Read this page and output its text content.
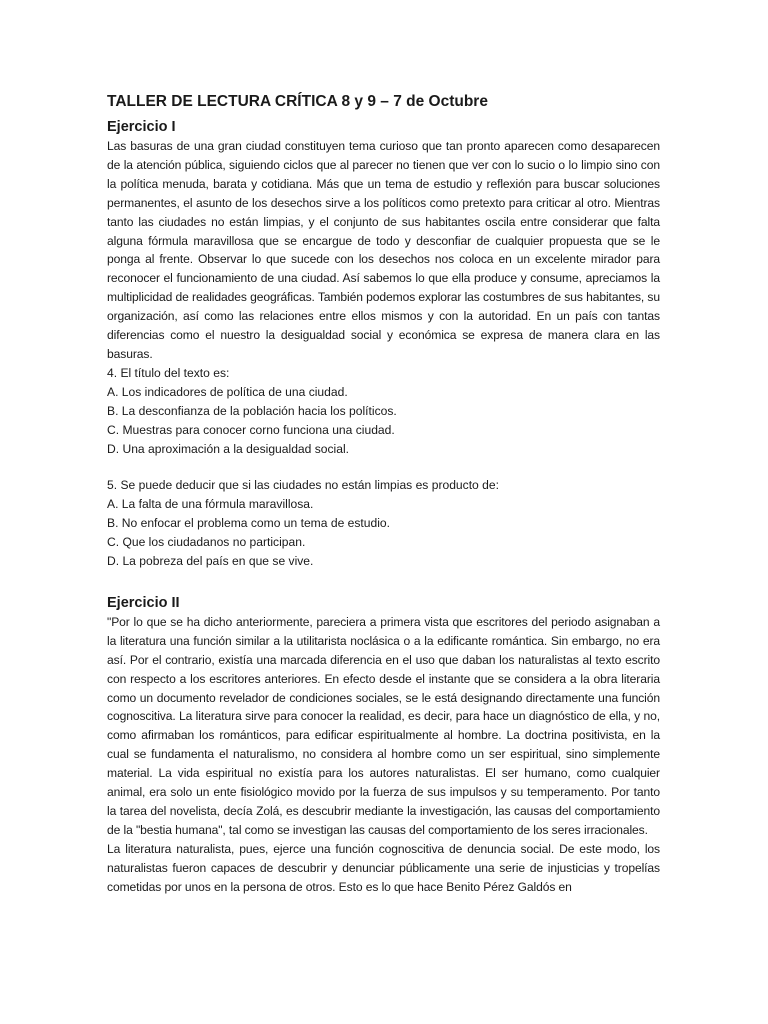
TALLER DE LECTURA CRÍTICA 8 y 9 – 7 de Octubre
Ejercicio I

Las basuras de una gran ciudad constituyen tema curioso que tan pronto aparecen como desaparecen de la atención pública, siguiendo ciclos que al parecer no tienen que ver con lo sucio o lo limpio sino con la política menuda, barata y cotidiana. Más que un tema de estudio y reflexión para buscar soluciones permanentes, el asunto de los desechos sirve a los políticos como pretexto para criticar al otro. Mientras tanto las ciudades no están limpias, y el conjunto de sus habitantes oscila entre considerar que falta alguna fórmula maravillosa que se encargue de todo y desconfiar de cualquier propuesta que se le ponga al frente. Observar lo que sucede con los desechos nos coloca en un excelente mirador para reconocer el funcionamiento de una ciudad. Así sabemos lo que ella produce y consume, apreciamos la multiplicidad de realidades geográficas. También podemos explorar las costumbres de sus habitantes, su organización, así como las relaciones entre ellos mismos y con la autoridad. En un país con tantas diferencias como el nuestro la desigualdad social y económica se expresa de manera clara en las basuras.

4. El título del texto es:

A. Los indicadores de política de una ciudad.

B. La desconfianza de la población hacia los políticos.

C. Muestras para conocer corno funciona una ciudad.

D. Una aproximación a la desigualdad social.

5. Se puede deducir que si las ciudades no están limpias es producto de:

A. La falta de una fórmula maravillosa.

B. No enfocar el problema como un tema de estudio.

C. Que los ciudadanos no participan.

D. La pobreza del país en que se vive.

Ejercicio II

"Por lo que se ha dicho anteriormente, pareciera a primera vista que escritores del periodo asignaban a la literatura una función similar a la utilitarista noclásica o a la edificante romántica. Sin embargo, no era así. Por el contrario, existía una marcada diferencia en el uso que daban los naturalistas al texto escrito con respecto a los escritores anteriores. En efecto desde el instante que se considera a la obra literaria como un documento revelador de condiciones sociales, se le está designando directamente una función cognoscitiva. La literatura sirve para conocer la realidad, es decir, para hace un diagnóstico de ella, y no, como afirmaban los románticos, para edificar espiritualmente al hombre. La doctrina positivista, en la cual se fundamenta el naturalismo, no considera al hombre como un ser espiritual, sino simplemente material. La vida espiritual no existía para los autores naturalistas. El ser humano, como cualquier animal, era solo un ente fisiológico movido por la fuerza de sus impulsos y su temperamento. Por tanto la tarea del novelista, decía Zolá, es descubrir mediante la investigación, las causas del comportamiento de la "bestia humana", tal como se investigan las causas del comportamiento de los seres irracionales.

La literatura naturalista, pues, ejerce una función cognoscitiva de denuncia social. De este modo, los naturalistas fueron capaces de descubrir y denunciar públicamente una serie de injusticias y tropelías cometidas por unos en la persona de otros. Esto es lo que hace Benito Pérez Galdós en
